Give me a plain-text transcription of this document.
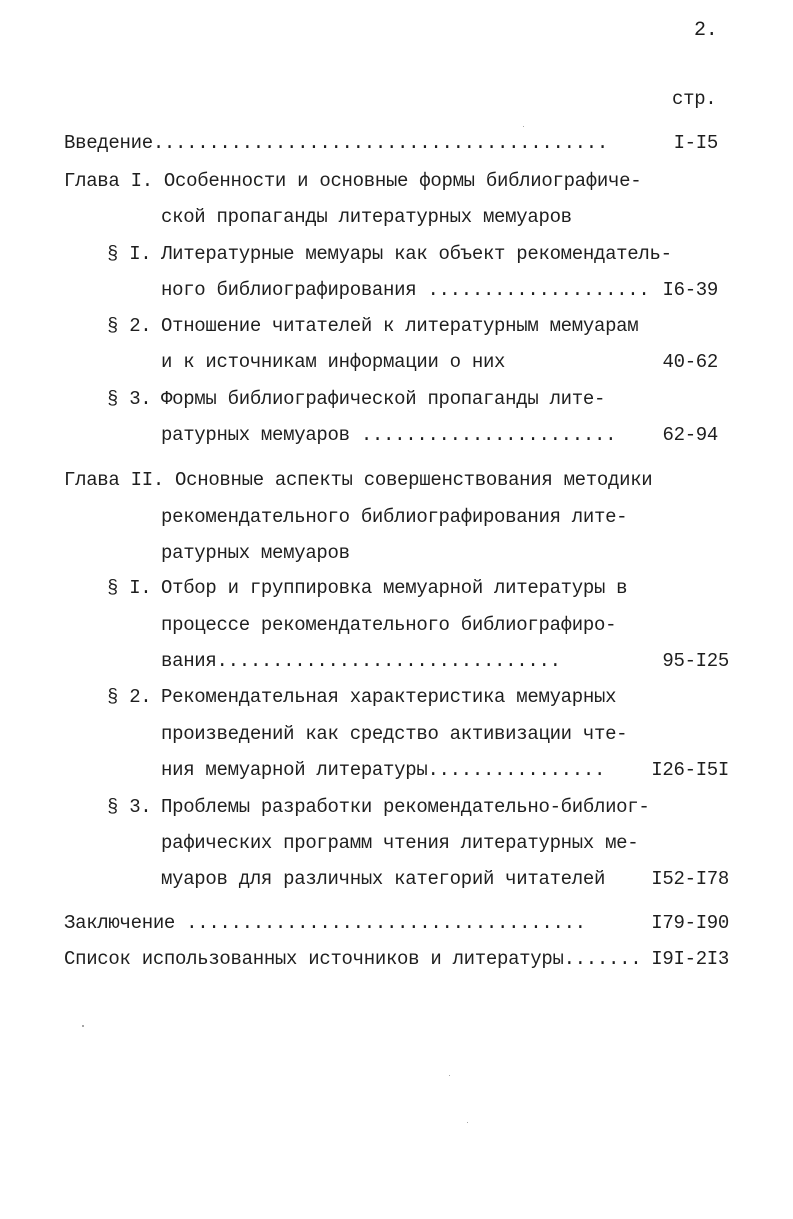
2.
стр.
Введение.........................................	I-I5
Глава I. Особенности и основные формы библиографиче-
ской пропаганды литературных мемуаров
§ I. Литературные мемуары как объект рекомендатель-
ного библиографирования .................... I6-39
§ 2. Отношение читателей к литературным мемуарам
и к источникам информации о них	40-62
§ 3. Формы библиографической пропаганды лите-
ратурных мемуаров ....................... 62-94
Глава II. Основные аспекты совершенствования методики
рекомендательного библиографирования лите-
ратурных мемуаров
§ I. Отбор и группировка мемуарной литературы в
процессе рекомендательного библиографиро-
вания...............................	95-I25
§ 2. Рекомендательная характеристика мемуарных
произведений как средство активизации чте-
ния мемуарной литературы................ I26-I5I
§ 3. Проблемы разработки рекомендательно-библиог-
рафических программ чтения литературных ме-
муаров для различных категорий читателей I52-I78
Заключение ....................................	I79-I90
Список использованных источников и литературы....... I9I-2I3
